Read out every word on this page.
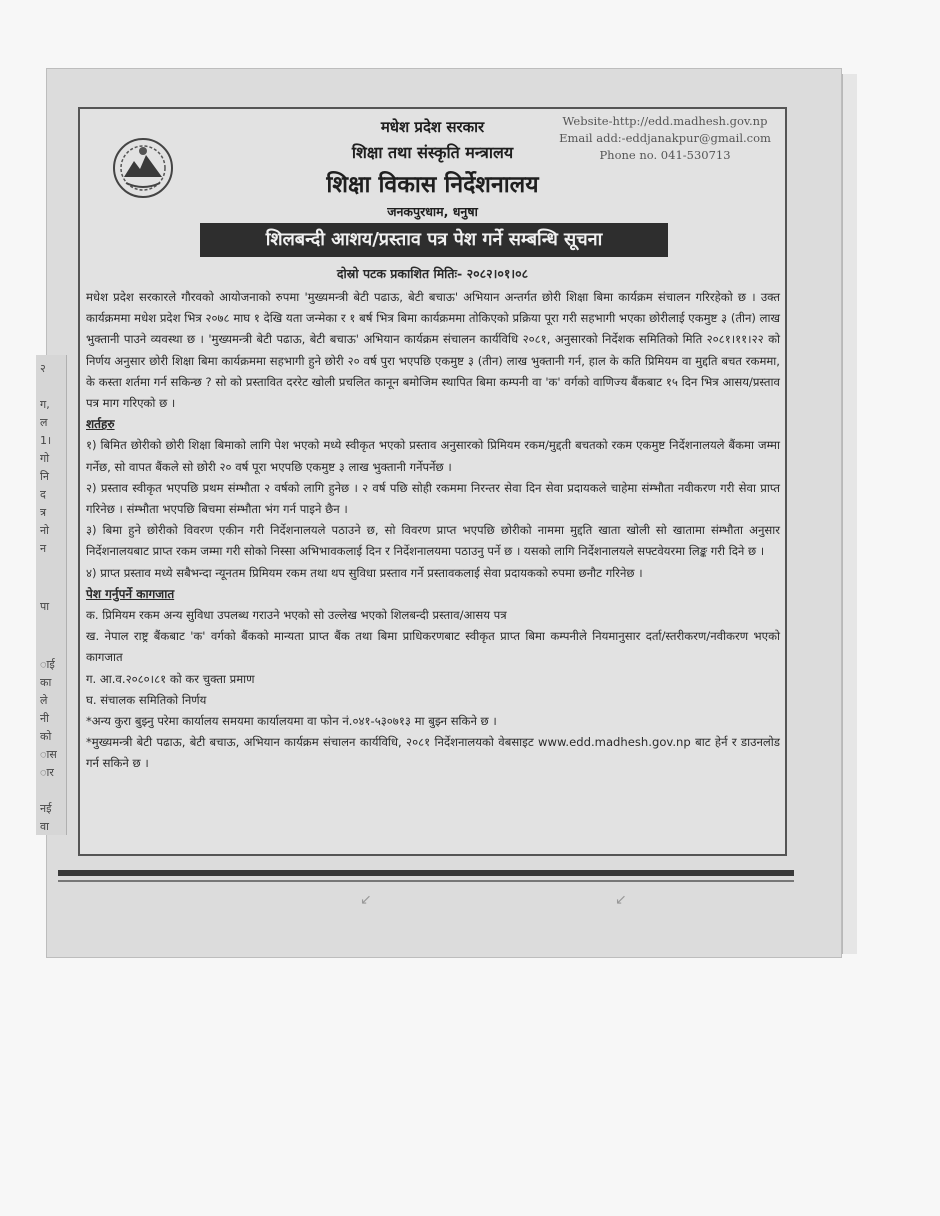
२
ग,
ल
1।
गो
नि
द
त्र
नो
न
पा
ाई
का
ले
नी
को
ास
ार
नई
वा
मधेश प्रदेश सरकार
शिक्षा तथा संस्कृति मन्त्रालय
शिक्षा विकास निर्देशनालय
जनकपुरधाम, धनुषा
Website-http://edd.madhesh.gov.np
Email add:-eddjanakpur@gmail.com
Phone no. 041-530713
शिलबन्दी आशय/प्रस्ताव पत्र पेश गर्ने सम्बन्धि सूचना
दोस्रो पटक प्रकाशित मितिः- २०८२।०१।०८

मधेश प्रदेश सरकारले गौरवको आयोजनाको रुपमा 'मुख्यमन्त्री बेटी पढाऊ, बेटी बचाऊ' अभियान अन्तर्गत छोरी शिक्षा बिमा कार्यक्रम संचालन गरिरहेको छ । उक्त कार्यक्रममा मधेश प्रदेश भित्र २०७८ माघ १ देखि यता जन्मेका र १ बर्ष भित्र बिमा कार्यक्रममा तोकिएको प्रक्रिया पूरा गरी सहभागी भएका छोरीलाई एकमुष्ट ३ (तीन) लाख भुक्तानी पाउने व्यवस्था छ । 'मुख्यमन्त्री बेटी पढाऊ, बेटी बचाऊ' अभियान कार्यक्रम संचालन कार्यविधि २०८१, अनुसारको निर्देशक समितिको मिति २०८१।११।२२ को निर्णय अनुसार छोरी शिक्षा बिमा कार्यक्रममा सहभागी हुने छोरी २० वर्ष पुरा भएपछि एकमुष्ट ३ (तीन) लाख भुक्तानी गर्न, हाल के कति प्रिमियम वा मुद्दति बचत रकममा, के कस्ता शर्तमा गर्न सकिन्छ ? सो को प्रस्तावित दररेट खोली प्रचलित कानून बमोजिम स्थापित बिमा कम्पनी वा 'क' वर्गको वाणिज्य बैंकबाट १५ दिन भित्र आसय/प्रस्ताव पत्र माग गरिएको छ ।

शर्तहरु

१) बिमित छोरीको छोरी शिक्षा बिमाको लागि पेश भएको मध्ये स्वीकृत भएको प्रस्ताव अनुसारको प्रिमियम रकम/मुद्दती बचतको रकम एकमुष्ट निर्देशनालयले बैंकमा जम्मा गर्नेछ, सो वापत बैंकले सो छोरी २० वर्ष पूरा भएपछि एकमुष्ट ३ लाख भुक्तानी गर्नेपर्नेछ ।

२) प्रस्ताव स्वीकृत भएपछि प्रथम संम्भौता २ वर्षको लागि हुनेछ । २ वर्ष पछि सोही रकममा निरन्तर सेवा दिन सेवा प्रदायकले चाहेमा संम्भौता नवीकरण गरी सेवा प्राप्त गरिनेछ । संम्भौता भएपछि बिचमा संम्भौता भंग गर्न पाइने छैन ।

३) बिमा हुने छोरीको विवरण एकीन गरी निर्देशनालयले पठाउने छ, सो विवरण प्राप्त भएपछि छोरीको नाममा मुद्दति खाता खोली सो खातामा संम्भौता अनुसार निर्देशनालयबाट प्राप्त रकम जम्मा गरी सोको निस्सा अभिभावकलाई दिन र निर्देशनालयमा पठाउनु पर्ने छ । यसको लागि निर्देशनालयले सफ्टवेयरमा लिङ्क गरी दिने छ ।

४) प्राप्त प्रस्ताव मध्ये सबैभन्दा न्यूनतम प्रिमियम रकम तथा थप सुविधा प्रस्ताव गर्ने प्रस्तावकलाई सेवा प्रदायकको रुपमा छनौट गरिनेछ ।

पेश गर्नुपर्ने कागजात

क. प्रिमियम रकम अन्य सुविधा उपलब्ध गराउने भएको सो उल्लेख भएको शिलबन्दी प्रस्ताव/आसय पत्र

ख. नेपाल राष्ट्र बैंकबाट 'क' वर्गको बैंकको मान्यता प्राप्त बैंक तथा बिमा प्राधिकरणबाट स्वीकृत प्राप्त बिमा कम्पनीले नियमानुसार दर्ता/स्तरीकरण/नवीकरण भएको कागजात

ग. आ.व.२०८०।८१ को कर चुक्ता प्रमाण

घ. संचालक समितिको निर्णय

*अन्य कुरा बुझ्नु परेमा कार्यालय समयमा कार्यालयमा वा फोन नं.०४१-५३०७१३ मा बुझ्न सकिने छ ।

*मुख्यमन्त्री बेटी पढाऊ, बेटी बचाऊ, अभियान कार्यक्रम संचालन कार्यविधि, २०८१ निर्देशनालयको वेबसाइट www.edd.madhesh.gov.np बाट हेर्न र डाउनलोड गर्न सकिने छ ।

↙	↙
